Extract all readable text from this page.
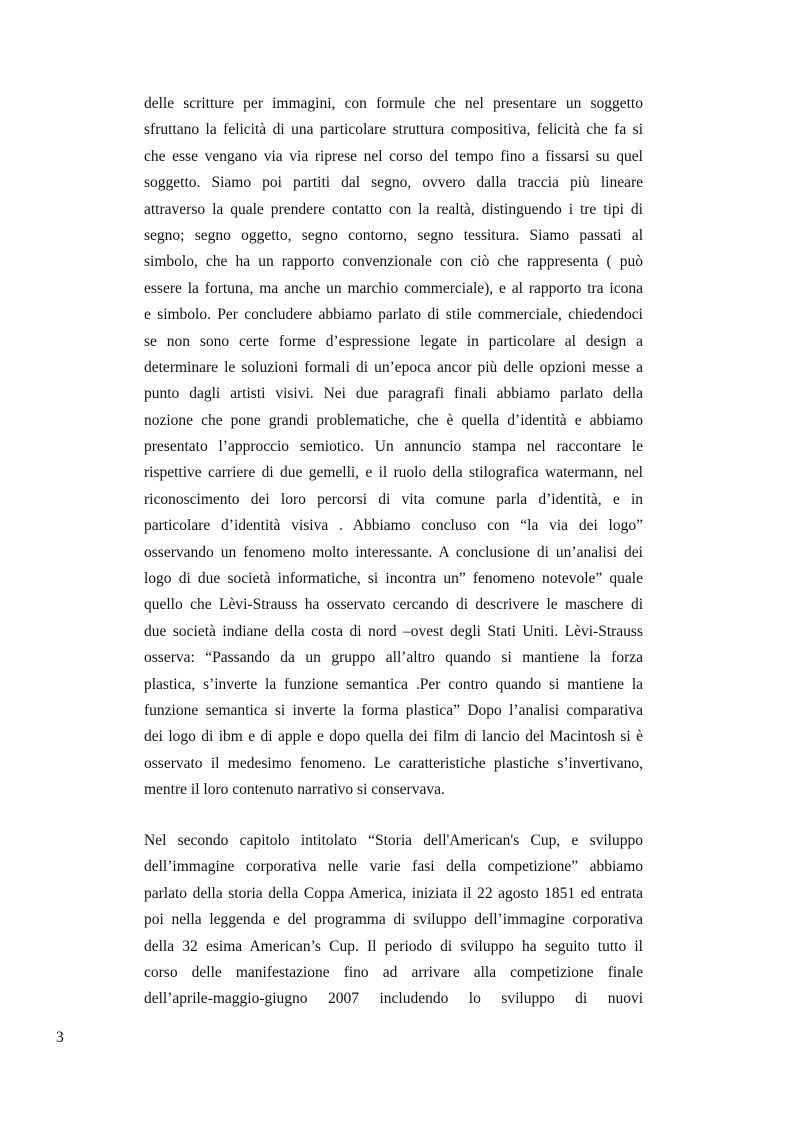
delle scritture per immagini, con formule che nel presentare un soggetto
sfruttano la felicità di una particolare struttura compositiva, felicità che fa si
che esse vengano via via riprese nel corso del tempo fino a fissarsi su quel
soggetto. Siamo poi partiti dal segno, ovvero dalla traccia più lineare
attraverso la quale prendere contatto con la realtà, distinguendo i tre tipi di
segno; segno oggetto, segno contorno, segno tessitura. Siamo passati al
simbolo, che ha un rapporto convenzionale con ciò che rappresenta ( può
essere la fortuna, ma anche un marchio commerciale), e al rapporto tra icona
e simbolo. Per concludere abbiamo parlato di stile commerciale, chiedendoci
se non sono certe forme d’espressione legate in particolare al design a
determinare le soluzioni formali di un’epoca ancor più delle opzioni messe a
punto dagli artisti visivi. Nei due paragrafi finali abbiamo parlato della
nozione che pone grandi problematiche, che è quella d’identità e abbiamo
presentato l’approccio semiotico. Un annuncio stampa nel raccontare le
rispettive carriere di due gemelli, e il ruolo della stilografica watermann, nel
riconoscimento dei loro percorsi di vita comune parla d’identità, e in
particolare d’identità visiva . Abbiamo concluso con “la via dei logo”
osservando un fenomeno molto interessante. A conclusione di un’analisi dei
logo di due società informatiche, si incontra un” fenomeno notevole” quale
quello che Lèvi-Strauss ha osservato cercando di descrivere le maschere di
due società indiane della costa di nord –ovest degli Stati Uniti. Lèvi-Strauss
osserva: “Passando da un gruppo all’altro quando si mantiene la forza
plastica, s’inverte la funzione semantica .Per contro quando si mantiene la
funzione semantica si inverte la forma plastica” Dopo l’analisi comparativa
dei logo di ibm e di apple e dopo quella dei film di lancio del Macintosh si è
osservato il medesimo fenomeno. Le caratteristiche plastiche s’invertivano,
mentre il loro contenuto narrativo si conservava.
Nel secondo capitolo intitolato “Storia dell'American's Cup, e sviluppo
dell’immagine corporativa nelle varie fasi della competizione” abbiamo
parlato della storia della Coppa America, iniziata il 22 agosto 1851 ed entrata
poi nella leggenda e del programma di sviluppo dell’immagine corporativa
della 32 esima American’s Cup. Il periodo di sviluppo ha seguito tutto il
corso delle manifestazione fino ad arrivare alla competizione finale
dell’aprile-maggio-giugno 2007 includendo lo sviluppo di nuovi
3
